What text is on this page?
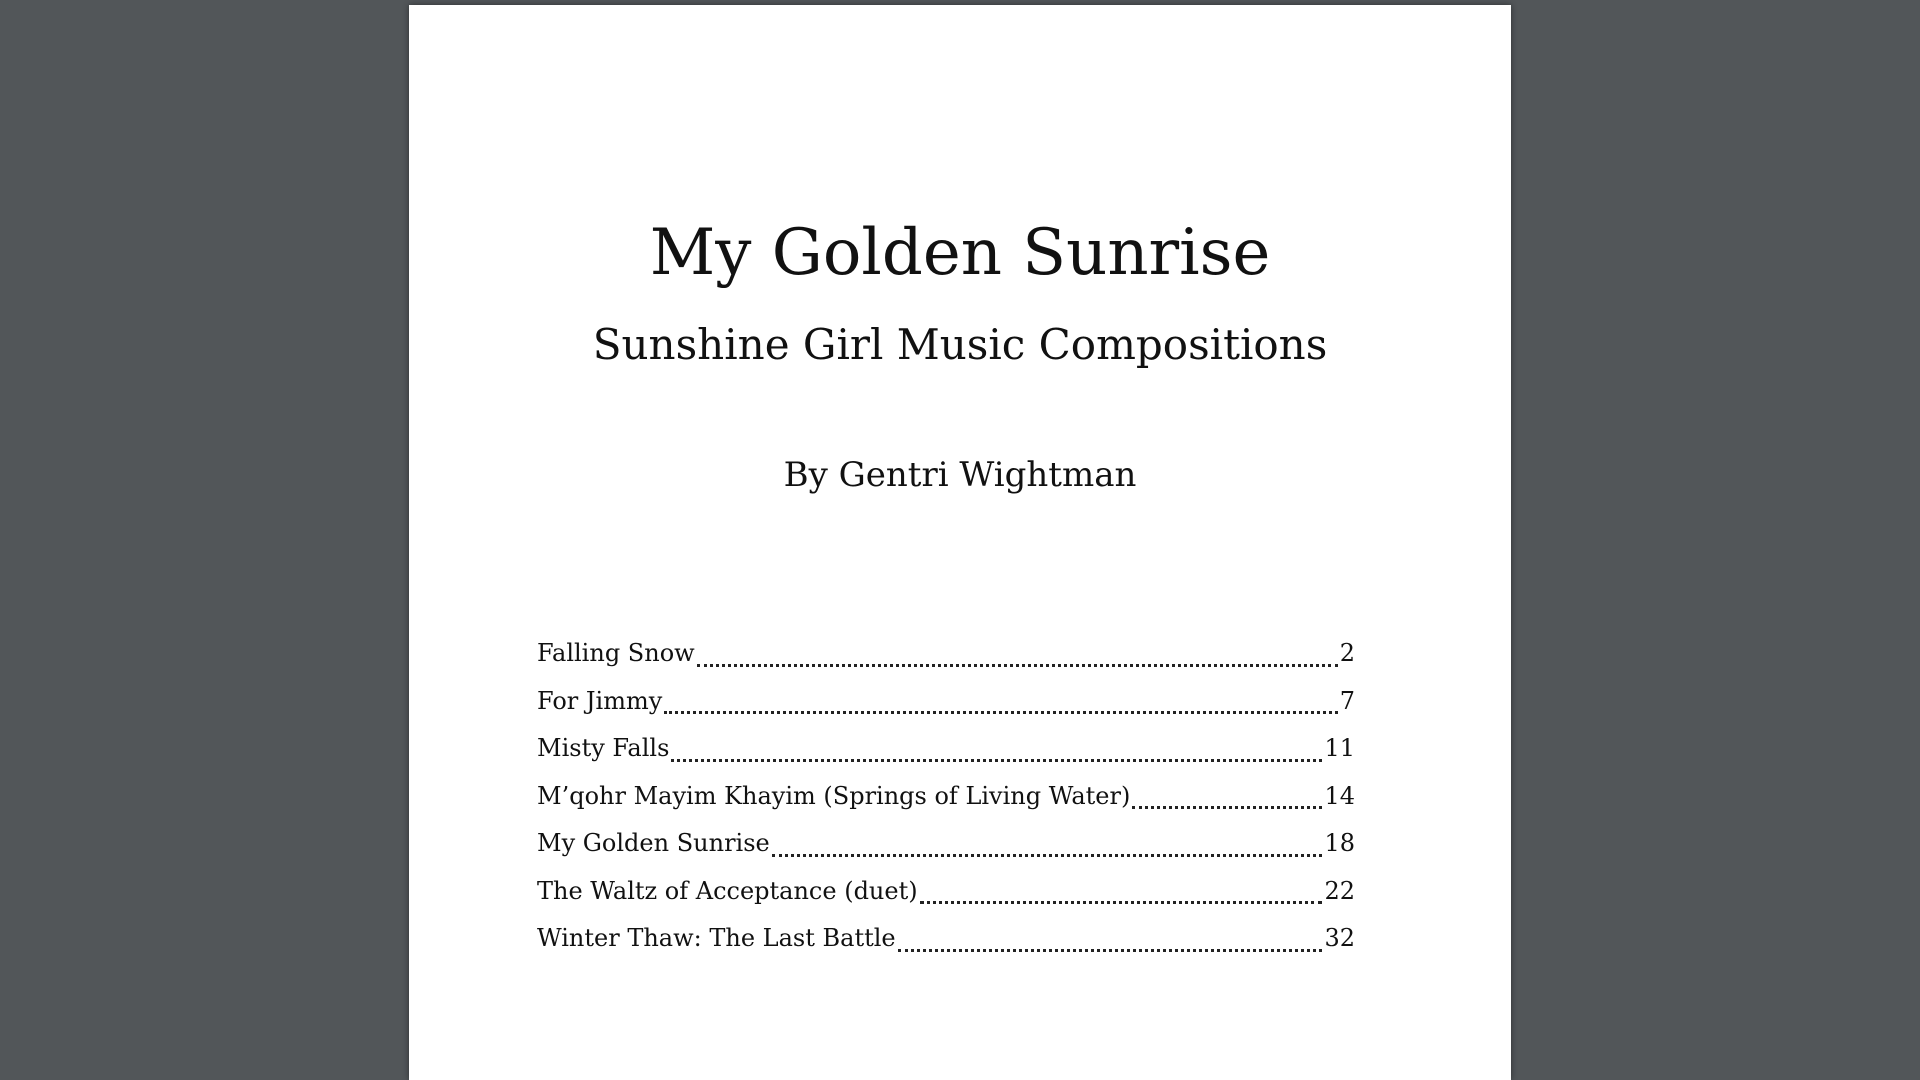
My Golden Sunrise
Sunshine Girl Music Compositions
By Gentri Wightman
Falling Snow	2
For Jimmy	7
Misty Falls	11
M’qohr Mayim Khayim (Springs of Living Water)	14
My Golden Sunrise	18
The Waltz of Acceptance (duet)	22
Winter Thaw: The Last Battle	32
